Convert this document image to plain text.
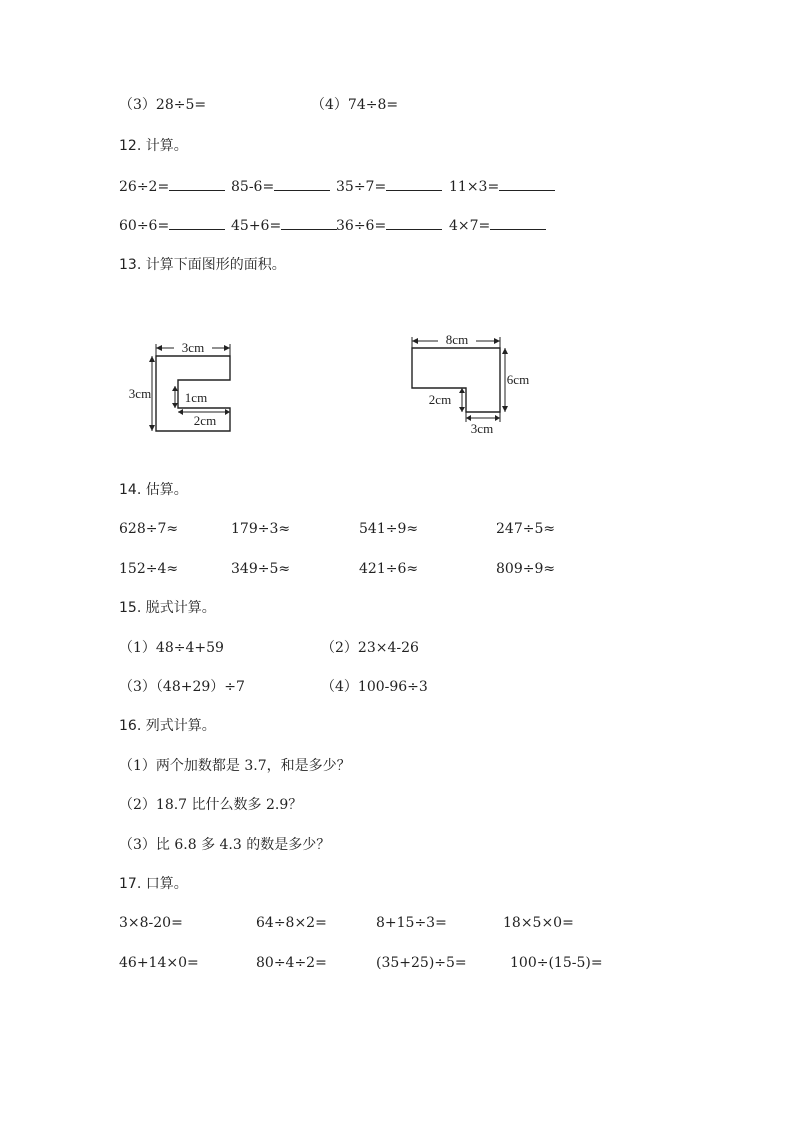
（3）28÷5=	（4）74÷8=
12. 计算。
26÷2=	85-6=	35÷7=	11×3=
60÷6=	45+6=	36÷6=	4×7=
13. 计算下面图形的面积。
3cm
3cm	1cm
2cm
8cm
6cm
2cm
3cm
14. 估算。
628÷7≈	179÷3≈	541÷9≈	247÷5≈
152÷4≈	349÷5≈	421÷6≈	809÷9≈
15. 脱式计算。
（1）48÷4+59	（2）23×4-26
（3）（48+29）÷7	（4）100-96÷3
16. 列式计算。
（1）两个加数都是 3.7，和是多少？
（2）18.7 比什么数多 2.9？
（3）比 6.8 多 4.3 的数是多少？
17. 口算。
3×8-20=	64÷8×2=	8+15÷3=	18×5×0=
46+14×0=	80÷4÷2=	(35+25)÷5=	100÷(15-5)=
